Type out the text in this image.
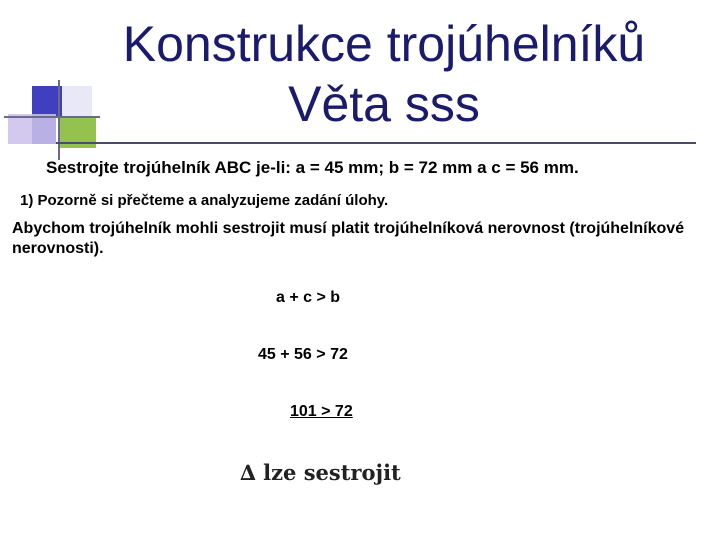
Konstrukce trojúhelníků
Věta sss
Sestrojte trojúhelník ABC je-li: a = 45 mm; b = 72 mm a c = 56 mm.
1) Pozorně si přečteme a analyzujeme zadání úlohy.
Abychom trojúhelník mohli sestrojit musí platit trojúhelníková nerovnost (trojúhelníkové nerovnosti).
a + c > b
45 + 56 > 72
101 > 72
∆ lze sestrojit
